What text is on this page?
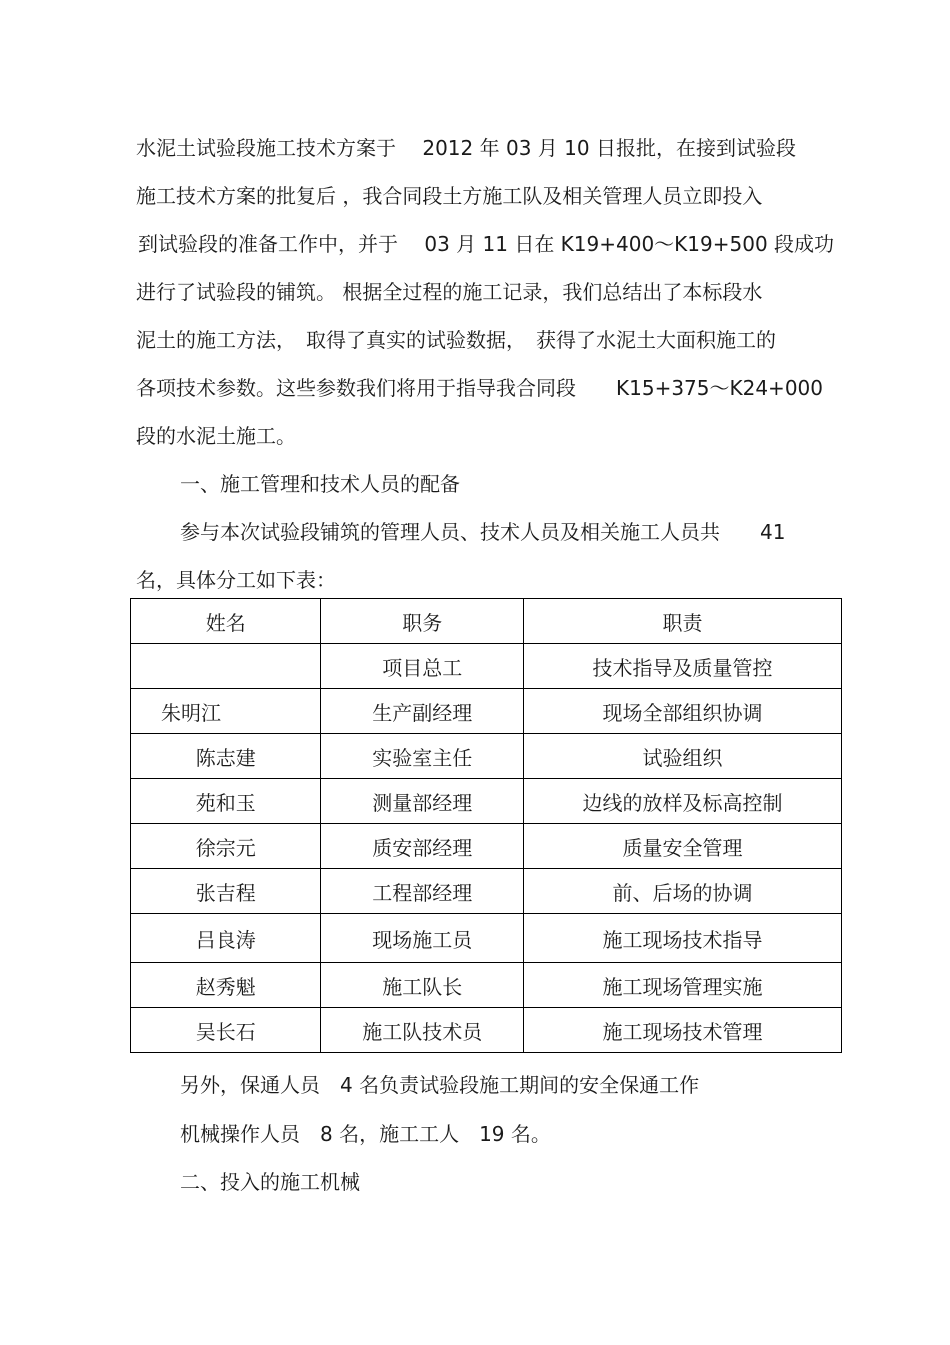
水泥土试验段施工技术方案于　 2012 年 03 月 10 日报批，在接到试验段
施工技术方案的批复后 ，我合同段土方施工队及相关管理人员立即投入
到试验段的准备工作中，并于　 03 月 11 日在 K19+400～K19+500 段成功
进行了试验段的铺筑。 根据全过程的施工记录，我们总结出了本标段水
泥土的施工方法，　取得了真实的试验数据，　获得了水泥土大面积施工的
各项技术参数。这些参数我们将用于指导我合同段　　K15+375～K24+000
段的水泥土施工。
一、施工管理和技术人员的配备
参与本次试验段铺筑的管理人员、技术人员及相关施工人员共　　41
名，具体分工如下表：
姓名	职务	职责
	项目总工	技术指导及质量管控
朱明江	生产副经理	现场全部组织协调
陈志建	实验室主任	试验组织
苑和玉	测量部经理	边线的放样及标高控制
徐宗元	质安部经理	质量安全管理
张吉程	工程部经理	前、后场的协调
吕良涛	现场施工员	施工现场技术指导
赵秀魁	施工队长	施工现场管理实施
吴长石	施工队技术员	施工现场技术管理
另外，保通人员　4 名负责试验段施工期间的安全保通工作
机械操作人员　8 名，施工工人　19 名。
二、投入的施工机械
